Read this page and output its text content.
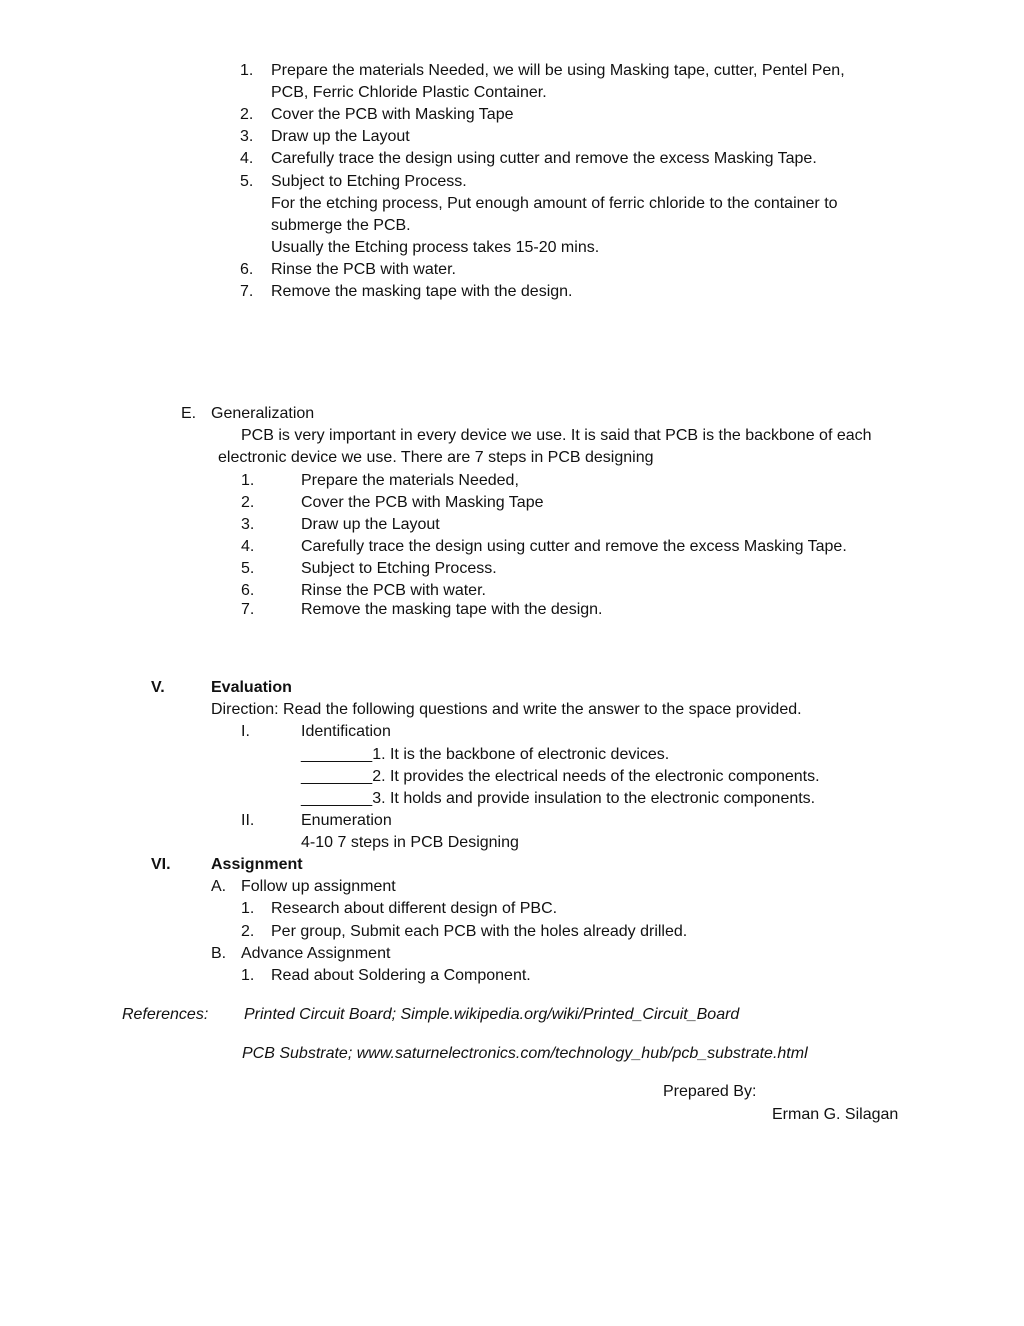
1. Prepare the materials Needed, we will be using Masking tape, cutter, Pentel Pen,
PCB, Ferric Chloride Plastic Container.
2. Cover the PCB with Masking Tape
3. Draw up the Layout
4. Carefully trace the design using cutter and remove the excess Masking Tape.
5. Subject to Etching Process.
For the etching process, Put enough amount of ferric chloride to the container to
submerge the PCB.
Usually the Etching process takes 15-20 mins.
6. Rinse the PCB with water.
7. Remove the masking tape with the design.
E. Generalization
PCB is very important in every device we use. It is said that PCB is the backbone of each
electronic device we use. There are 7 steps in PCB designing
1.	Prepare the materials Needed,
2.	Cover the PCB with Masking Tape
3.	Draw up the Layout
4.	Carefully trace the design using cutter and remove the excess Masking Tape.
5.	Subject to Etching Process.
6.	Rinse the PCB with water.
7.	Remove the masking tape with the design.
V.	Evaluation
Direction: Read the following questions and write the answer to the space provided.
I.	Identification
________1. It is the backbone of electronic devices.
________2. It provides the electrical needs of the electronic components.
________3. It holds and provide insulation to the electronic components.
II.	Enumeration
4-10 7 steps in PCB Designing
VI.	Assignment
A. Follow up assignment
1. Research about different design of PBC.
2. Per group, Submit each PCB with the holes already drilled.
B. Advance Assignment
1. Read about Soldering a Component.
References: Printed Circuit Board; Simple.wikipedia.org/wiki/Printed_Circuit_Board
PCB Substrate; www.saturnelectronics.com/technology_hub/pcb_substrate.html
Prepared By:
Erman G. Silagan
